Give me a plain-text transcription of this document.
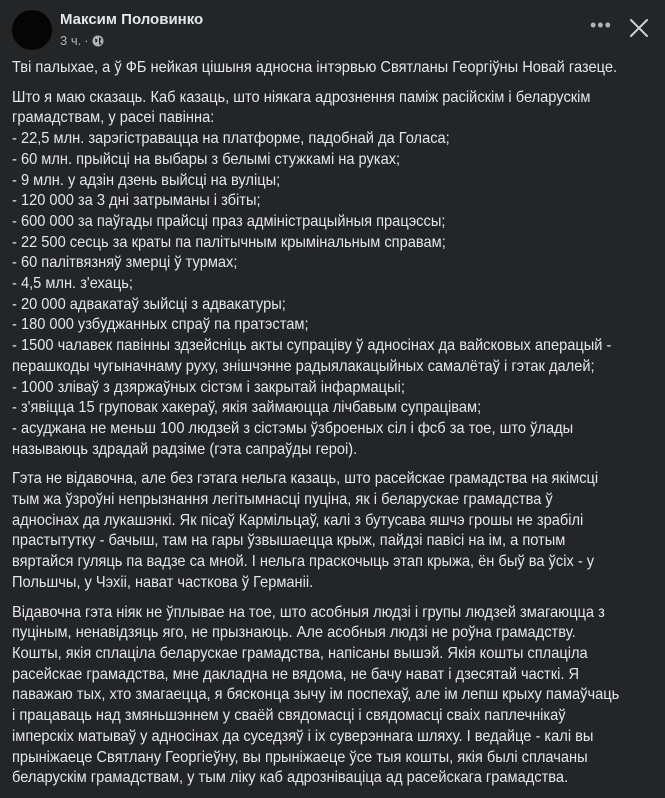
Максим Половинко
3 ч. ·
•••
Тві палыхае, а ў ФБ нейкая цішыня адносна інтэрвью Святланы Георгіўны Новай газеце.
Што я маю сказаць. Каб казаць, што ніякага адрознення паміж расійскім і беларускім
грамадствам, у расеі павінна:
- 22,5 млн. зарэгістравацца на платформе, падобнай да Голаса;
- 60 млн. прыйсці на выбары з белымі стужкамі на руках;
- 9 млн. у адзін дзень выйсці на вуліцы;
- 120 000 за 3 дні затрыманы і збіты;
- 600 000 за паўгады прайсці праз адміністрацыйныя працэссы;
- 22 500 сесць за краты па палітычным крымінальным справам;
- 60 палітвязняў змерці ў турмах;
- 4,5 млн. з'ехаць;
- 20 000 адвакатаў зыйсці з адвакатуры;
- 180 000 узбуджанных спраў па пратэстам;
- 1500 чалавек павінны здзейсніць акты супраціву ў адносінах да вайсковых аперацый -
перашкоды чугыначнаму руху, знішчэнне радыялакацыйных самалётаў і гэтак далей;
- 1000 зліваў з дзяржаўных сістэм і закрытай інфармацыі;
- з'явіцца 15 груповак хакераў, якія займаюцца лічбавым супрацівам;
- асуджана не меньш 100 людзей з сістэмы ўзброеных сіл і фсб за тое, што ўлады
называюць здрадай радзіме (гэта сапраўды героі).
Гэта не відавочна, але без гэтага нельга казаць, што расейскае грамадства на якімсці
тым жа ўзроўні непрызнання легітымнасці пуціна, як і беларускае грамадства ў
адносінах да лукашэнкі. Як пісаў Кармільцаў, калі з бутусава яшчэ грошы не зрабілі
прастытутку - бачыш, там на гары ўзвышаецца крыж, пайдзі павісі на ім, а потым
вяртайся гуляць па вадзе са мной. І нельга праскочыць этап крыжа, ён быў ва ўсіх - у
Польшчы, у Чэхіі, нават часткова ў Германіі.
Відавочна гэта ніяк не ўплывае на тое, што асобныя людзі і групы людзей змагаюцца з
пуціным, ненавідзяць яго, не прызнаюць. Але асобныя людзі не роўна грамадству.
Кошты, якія сплаціла беларускае грамадства, напісаны вышэй. Якія кошты сплаціла
расейскае грамадства, мне дакладна не вядома, не бачу нават і дзесятай часткі. Я
паважаю тых, хто змагаецца, я бясконца зычу ім поспехаў, але ім лепш крыху памаўчаць
і працаваць над змяньшэннем у сваёй свядомасці і свядомасці сваіх паплечнікаў
імперскіх матываў у адносінах да суседзяў і іх суверэннага шляху. І ведайце - калі вы
прыніжаеце Святлану Георгіеўну, вы прыніжаеце ўсе тыя кошты, якія былі сплачаны
беларускім грамадствам, у тым ліку каб адрозніваціца ад расейскага грамадства.
